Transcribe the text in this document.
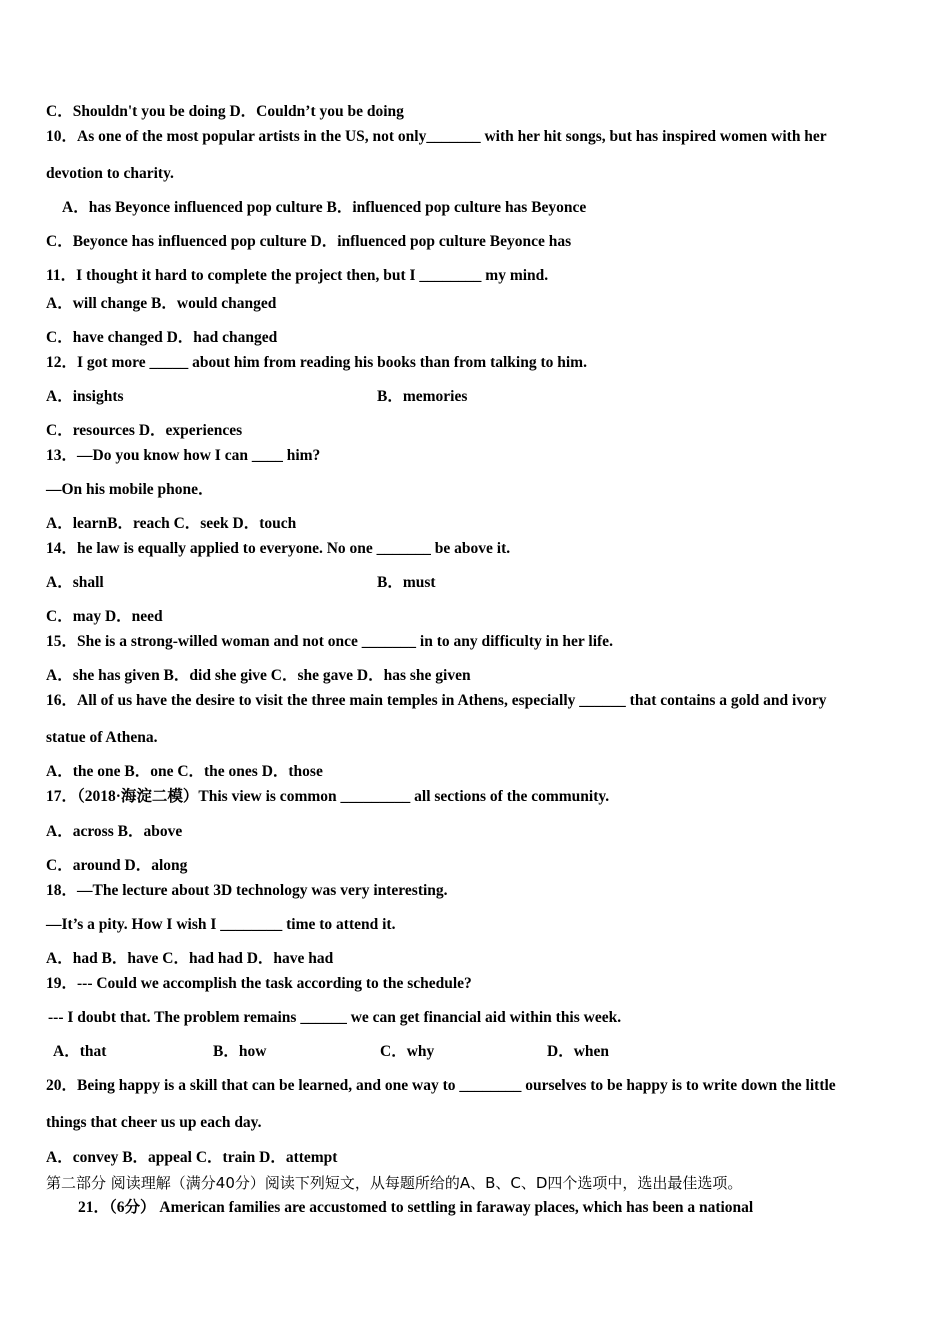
C．Shouldn't you be doing D．Couldn’t you be doing
10．As one of the most popular artists in the US, not only_______ with her hit songs, but has inspired women with her
devotion to charity.
A．has Beyonce influenced pop culture B．influenced pop culture has Beyonce
C．Beyonce has influenced pop culture D．influenced pop culture Beyonce has
11．I thought it hard to complete the project then, but I ________ my mind.
A．will change B．would changed
C．have changed D．had changed
12．I got more _____ about him from reading his books than from talking to him.
A．insights	B．memories
C．resources D．experiences
13．—Do you know how I can ____ him?
—On his mobile phone．
A．learnB．reach C．seek D．touch
14．he law is equally applied to everyone. No one _______ be above it.
A．shall	B．must
C．may D．need
15．She is a strong-willed woman and not once _______ in to any difficulty in her life.
A．she has given B．did she give C．she gave D．has she given
16．All of us have the desire to visit the three main temples in Athens, especially ______ that contains a gold and ivory
statue of Athena.
A．the one B．one C．the ones D．those
17．（2018·海淀二模）This view is common _________ all sections of the community.
A．across B．above
C．around D．along
18．—The lecture about 3D technology was very interesting.
—It’s a pity. How I wish I ________ time to attend it.
A．had B．have C．had had D．have had
19．--- Could we accomplish the task according to the schedule?
--- I doubt that. The problem remains ______ we can get financial aid within this week.
A．that	B．how	C．why	D．when
20．Being happy is a skill that can be learned, and one way to ________ ourselves to be happy is to write down the little
things that cheer us up each day.
A．convey B．appeal C．train D．attempt
第二部分 阅读理解（满分40分）阅读下列短文，从每题所给的A、B、C、D四个选项中，选出最佳选项。
21．（6分） American families are accustomed to settling in faraway places, which has been a national
